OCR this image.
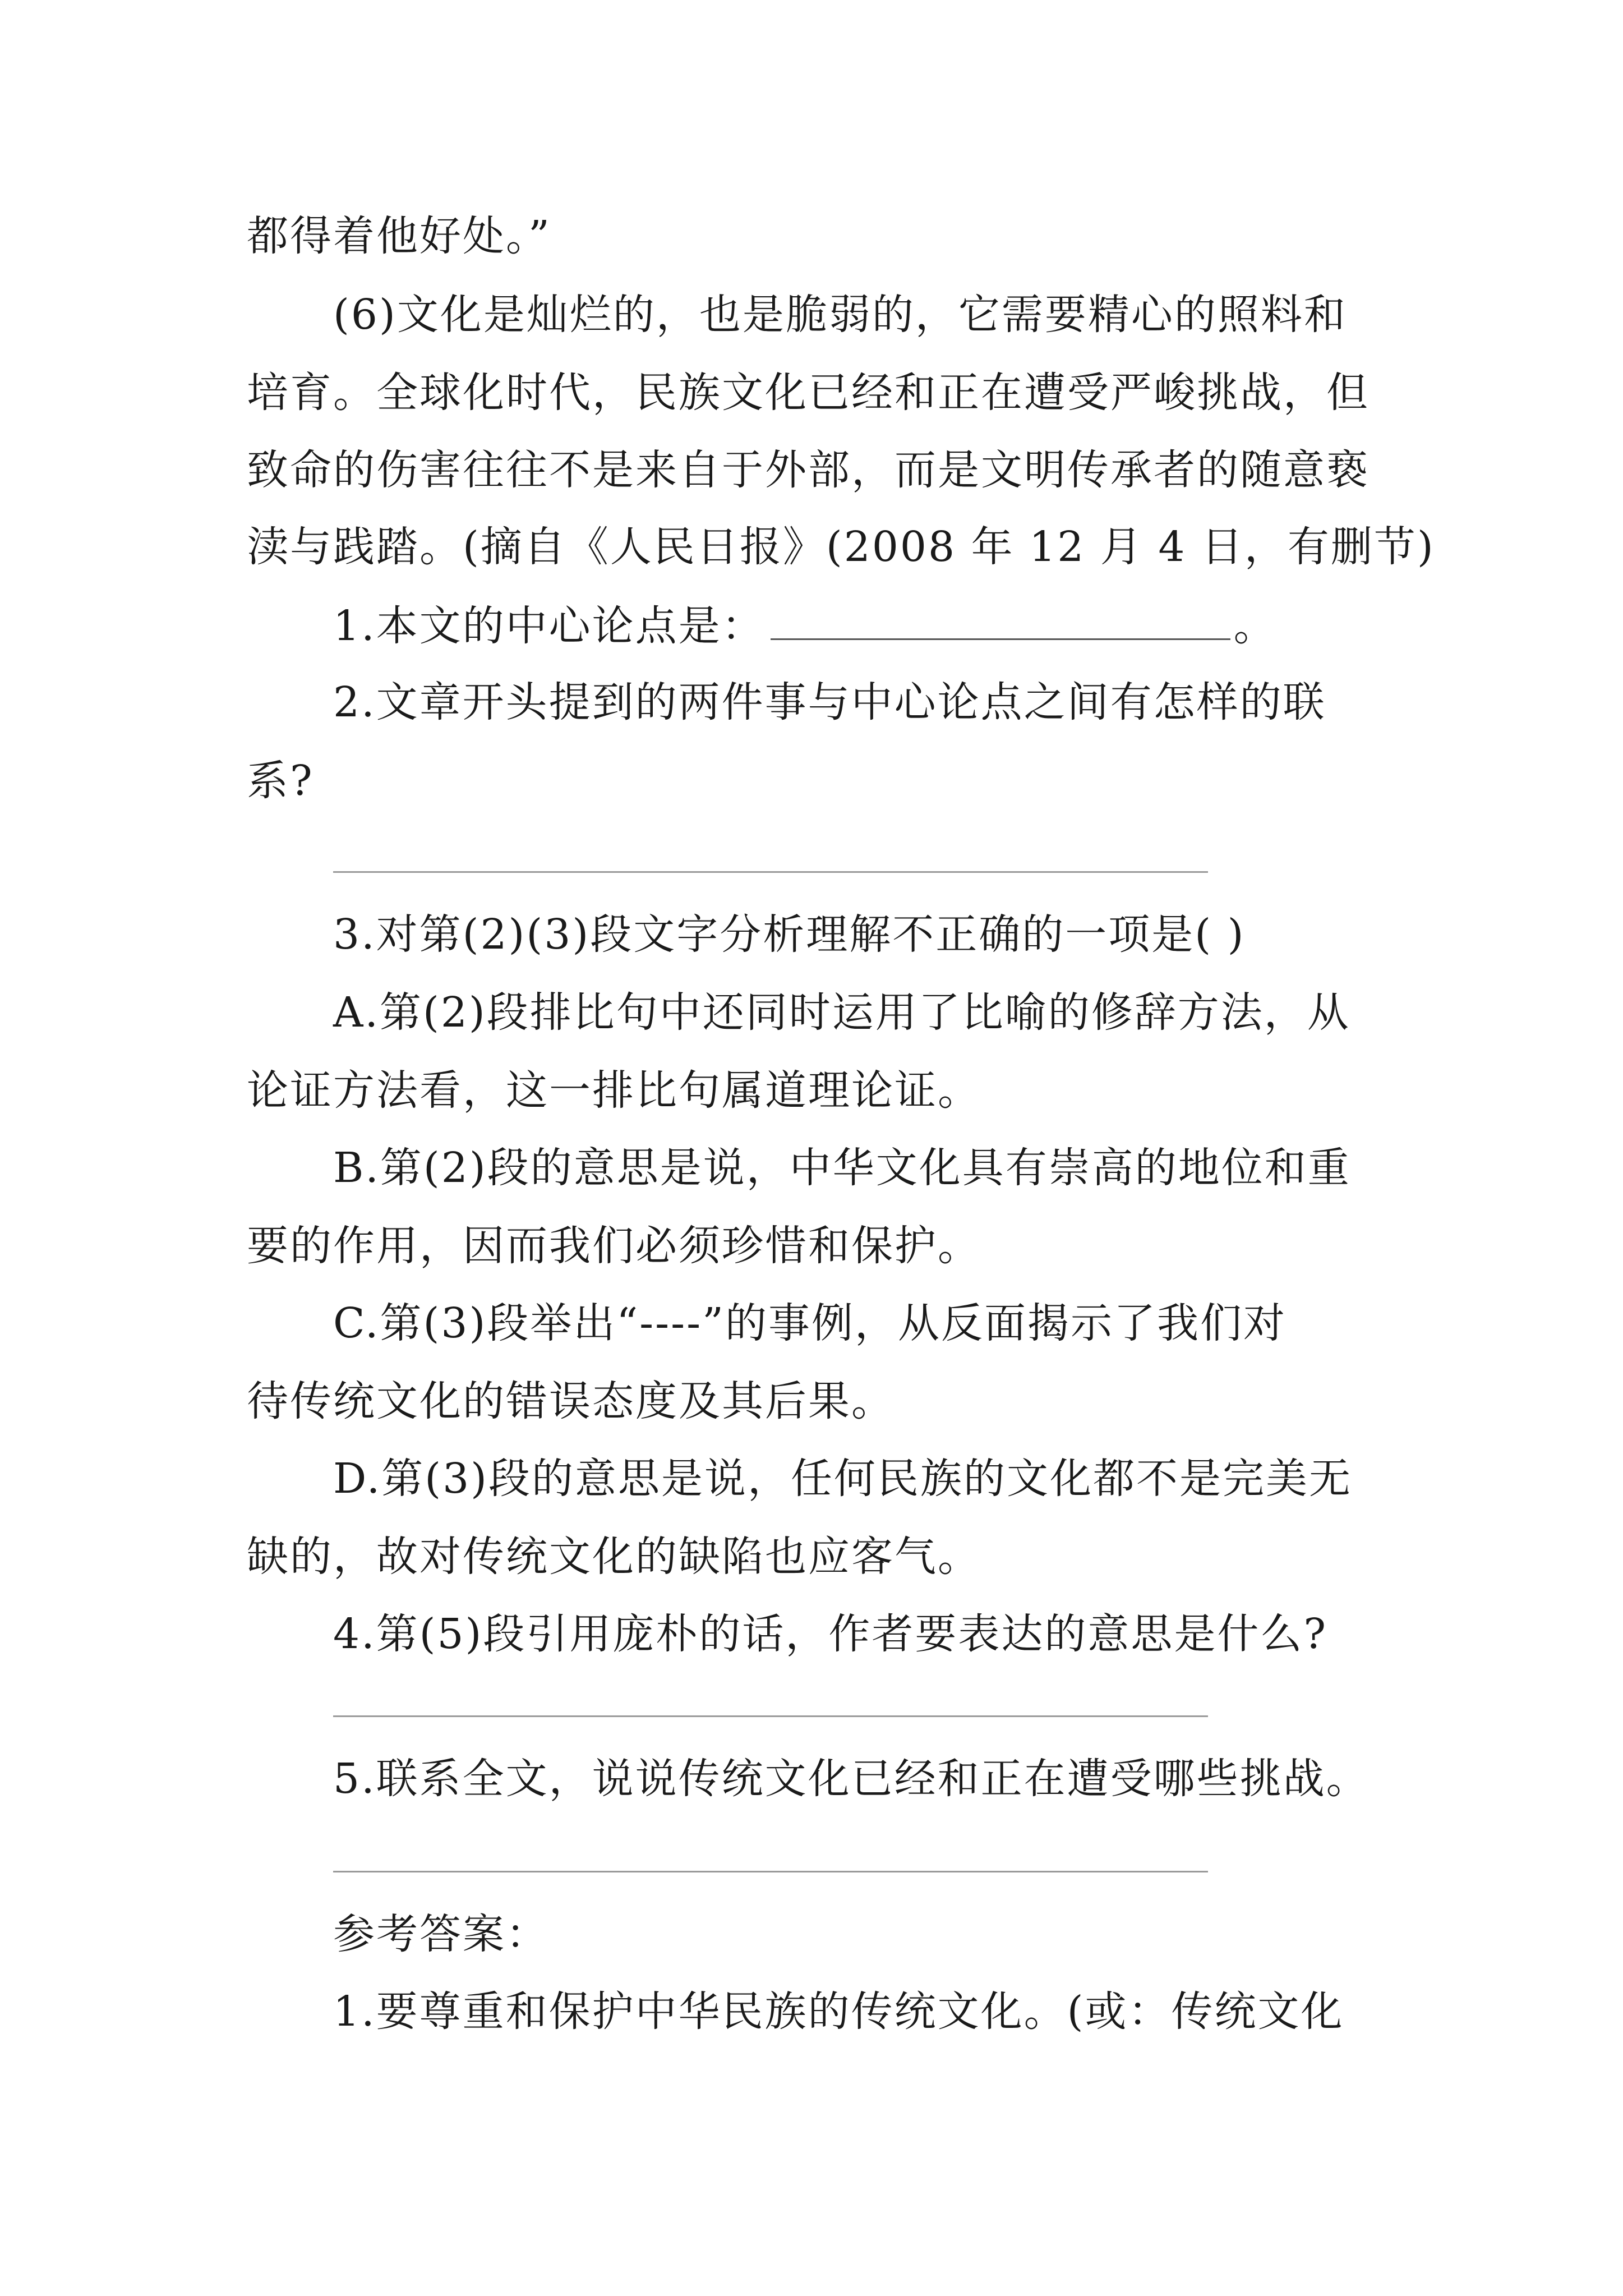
都得着他好处。”
(6)文化是灿烂的，也是脆弱的，它需要精心的照料和
培育。全球化时代，民族文化已经和正在遭受严峻挑战，但
致命的伤害往往不是来自于外部，而是文明传承者的随意亵
渎与践踏。(摘自《人民日报》(2008 年 12 月 4 日，有删节)
1.本文的中心论点是：	。
2.文章开头提到的两件事与中心论点之间有怎样的联
系?
3.对第(2)(3)段文字分析理解不正确的一项是( )
A.第(2)段排比句中还同时运用了比喻的修辞方法，从
论证方法看，这一排比句属道理论证。
B.第(2)段的意思是说，中华文化具有崇高的地位和重
要的作用，因而我们必须珍惜和保护。
C.第(3)段举出“----”的事例，从反面揭示了我们对
待传统文化的错误态度及其后果。
D.第(3)段的意思是说，任何民族的文化都不是完美无
缺的，故对传统文化的缺陷也应客气。
4.第(5)段引用庞朴的话，作者要表达的意思是什么?
5.联系全文，说说传统文化已经和正在遭受哪些挑战。
参考答案：
1.要尊重和保护中华民族的传统文化。(或：传统文化
